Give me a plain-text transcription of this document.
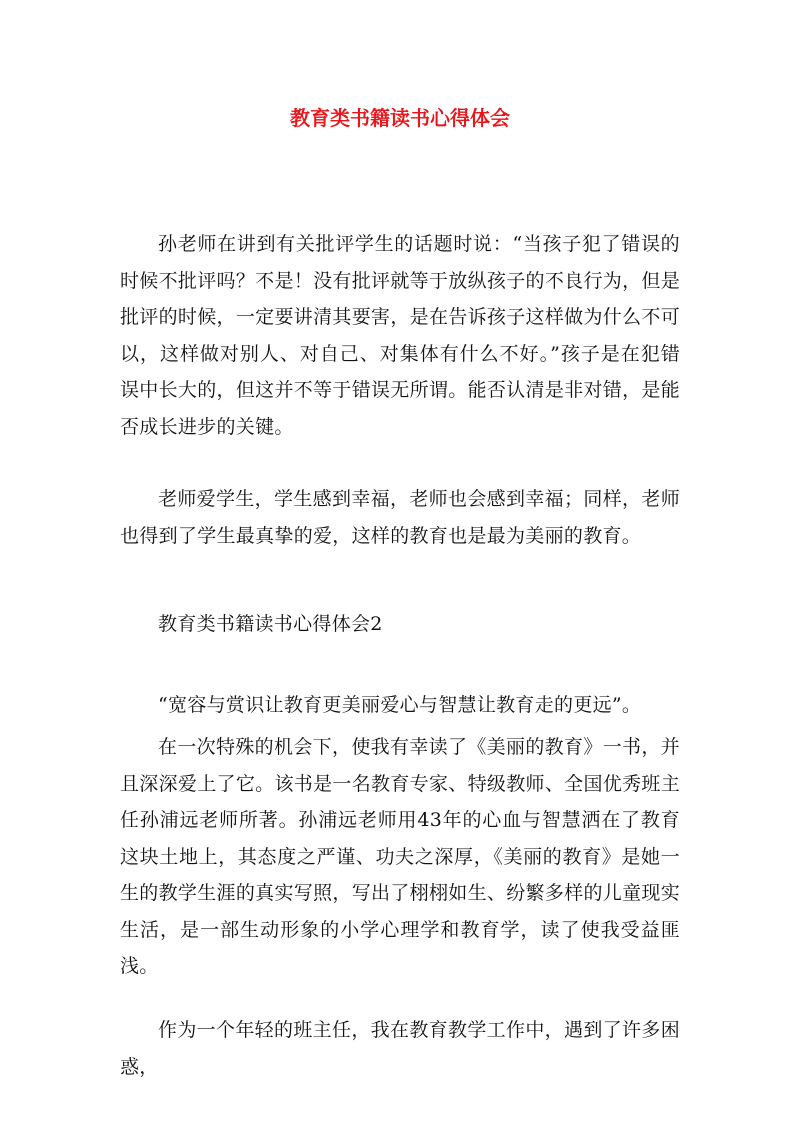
教育类书籍读书心得体会

孙老师在讲到有关批评学生的话题时说：“当孩子犯了错误的时候不批评吗？不是！没有批评就等于放纵孩子的不良行为，但是批评的时候，一定要讲清其要害，是在告诉孩子这样做为什么不可以，这样做对别人、对自己、对集体有什么不好。”孩子是在犯错误中长大的，但这并不等于错误无所谓。能否认清是非对错，是能否成长进步的关键。

老师爱学生，学生感到幸福，老师也会感到幸福；同样，老师也得到了学生最真挚的爱，这样的教育也是最为美丽的教育。

教育类书籍读书心得体会2

“宽容与赏识让教育更美丽爱心与智慧让教育走的更远”。

在一次特殊的机会下，使我有幸读了《美丽的教育》一书，并且深深爱上了它。该书是一名教育专家、特级教师、全国优秀班主任孙浦远老师所著。孙浦远老师用43年的心血与智慧洒在了教育这块土地上，其态度之严谨、功夫之深厚，《美丽的教育》是她一生的教学生涯的真实写照，写出了栩栩如生、纷繁多样的儿童现实生活，是一部生动形象的小学心理学和教育学，读了使我受益匪浅。

作为一个年轻的班主任，我在教育教学工作中，遇到了许多困惑，
